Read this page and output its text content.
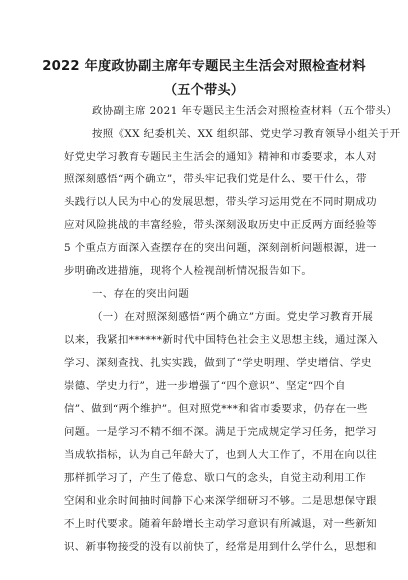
2022 年度政协副主席年专题民主生活会对照检查材料
（五个带头）
政协副主席 2021 年专题民主生活会对照检查材料（五个带头）
按照《XX 纪委机关、XX 组织部、党史学习教育领导小组关于开
好党史学习教育专题民主生活会的通知》精神和市委要求，本人对
照深刻感悟“两个确立”，带头牢记我们党是什么、要干什么，带
头践行以人民为中心的发展思想，带头学习运用党在不同时期成功
应对风险挑战的丰富经验，带头深刻汲取历史中正反两方面经验等
5 个重点方面深入查摆存在的突出问题，深刻剖析问题根源，进一
步明确改进措施，现将个人检视剖析情况报告如下。
一、存在的突出问题
（一）在对照深刻感悟“两个确立”方面。党史学习教育开展
以来，我紧扣******新时代中国特色社会主义思想主线，通过深入
学习、深刻查找、扎实实践，做到了“学史明理、学史增信、学史
崇德、学史力行”，进一步增强了“四个意识”、坚定“四个自
信”、做到“两个维护”。但对照党***和省市委要求，仍存在一些
问题。一是学习不精不细不深。满足于完成规定学习任务，把学习
当成软指标，认为自己年龄大了，也到人大工作了，不用在向以往
那样抓学习了，产生了倦怠、歇口气的念头，自觉主动利用工作
空闲和业余时间抽时间静下心来深学细研习不够。二是思想保守跟
不上时代要求。随着年龄增长主动学习意识有所减退，对一些新知
识、新事物接受的没有以前快了，经常是用到什么学什么，思想和
